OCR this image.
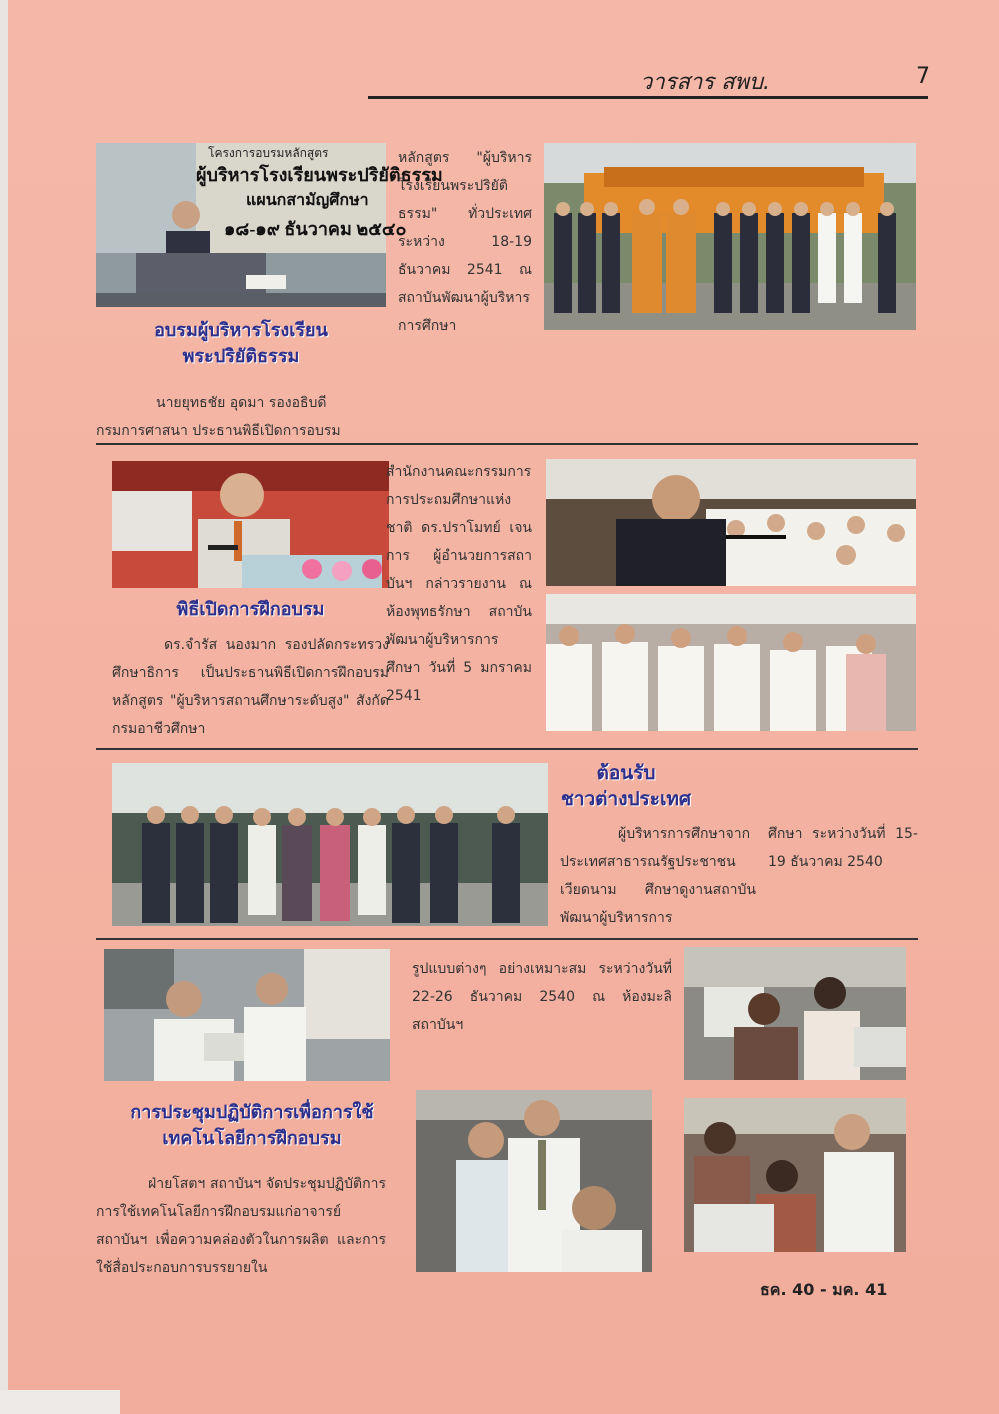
วารสาร สพบ.	7
โครงการอบรมหลักสูตร
ผู้บริหารโรงเรียนพระปริยัติธรรม
แผนกสามัญศึกษา
๑๘-๑๙ ธันวาคม ๒๕๔๐
อบรมผู้บริหารโรงเรียน
พระปริยัติธรรม

นายยุทธชัย อุดมา รองอธิบดี

กรมการศาสนา ประธานพิธีเปิดการอบรม

หลักสูตร "ผู้บริหารโรงเรียนพระปริยัติธรรม" ทั่วประเทศ ระหว่าง 18-19 ธันวาคม 2541 ณ สถาบันพัฒนาผู้บริหารการศึกษา

พิธีเปิดการฝึกอบรม

ดร.จำรัส นองมาก รองปลัดกระทรวงศึกษาธิการ เป็นประธานพิธีเปิดการฝึกอบรมหลักสูตร "ผู้บริหารสถานศึกษาระดับสูง" สังกัดกรมอาชีวศึกษา

สำนักงานคณะกรรมการการประถมศึกษาแห่งชาติ ดร.ปราโมทย์ เจนการ ผู้อำนวยการสถาบันฯ กล่าวรายงาน ณ ห้องพุทธรักษา สถาบันพัฒนาผู้บริหารการศึกษา วันที่ 5 มกราคม 2541

ต้อนรับ
ชาวต่างประเทศ

ผู้บริหารการศึกษาจากประเทศสาธารณรัฐประชาชนเวียดนาม ศึกษาดูงานสถาบันพัฒนาผู้บริหารการ

ศึกษา ระหว่างวันที่ 15-19 ธันวาคม 2540

การประชุมปฏิบัติการเพื่อการใช้
เทคโนโลยีการฝึกอบรม

ฝ่ายโสตฯ สถาบันฯ จัดประชุมปฏิบัติการ การใช้เทคโนโลยีการฝึกอบรมแก่อาจารย์สถาบันฯ เพื่อความคล่องตัวในการผลิต และการใช้สื่อประกอบการบรรยายใน

รูปแบบต่างๆ อย่างเหมาะสม ระหว่างวันที่ 22-26 ธันวาคม 2540 ณ ห้องมะลิ สถาบันฯ

ธค. 40 - มค. 41
